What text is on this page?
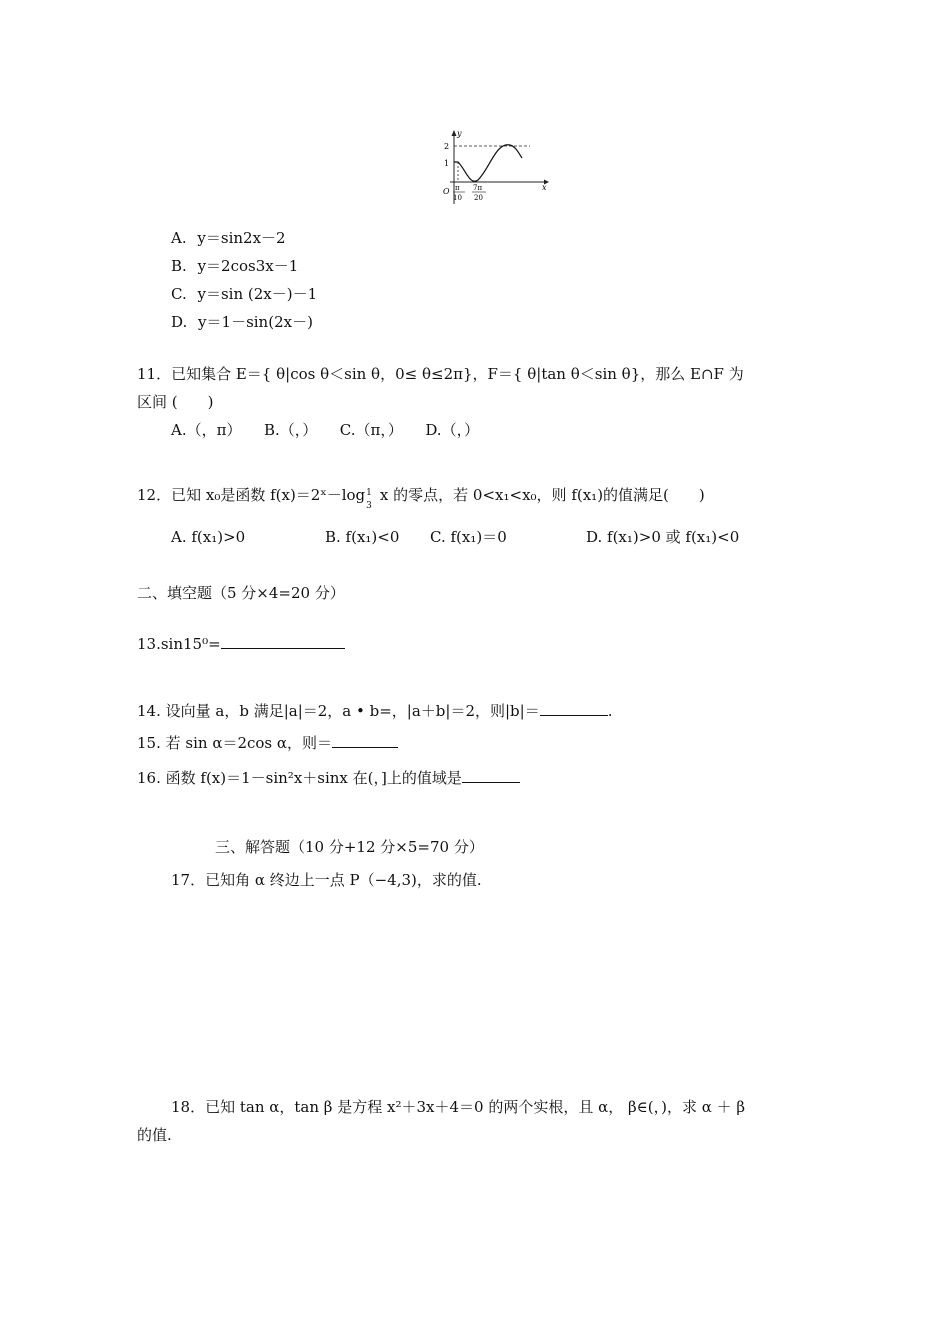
y
x
O
2
1
π
10
7π
20
A. y＝sin2x－2
B. y＝2cos3x－1
C. y＝sin (2x－)－1
D. y＝1－sin(2x－)
11．已知集合 E＝{ θ|cos θ＜sin θ，0≤ θ≤2π}，F＝{ θ|tan θ＜sin θ}，那么 E∩F 为
区间 (　　)
A.（，π）　　B.（，）　　C.（π，）　　D.（，）
12．已知 x₀是函数 f(x)＝2ˣ－log 1
3
x 的零点，若 0<x₁<x₀，则 f(x₁)的值满足(　　)
A. f(x₁)>0	B. f(x₁)<0 C. f(x₁)＝0	D. f(x₁)>0 或 f(x₁)<0
二、填空题（5 分×4=20 分）
13.sin15⁰=
14. 设向量 a，b 满足|a|＝2，a • b=，|a＋b|＝2，则|b|＝	.
15. 若 sin α＝2cos α，则＝
16. 函数 f(x)＝1－sin²x＋sinx 在(，]上的值域是
三、解答题（10 分+12 分×5=70 分）
17．已知角 α 终边上一点 P（−4,3)，求的值.
18．已知 tan α，tan β 是方程 x²＋3x＋4＝0 的两个实根，且 α， β∈(，)，求 α ＋ β
的值.
